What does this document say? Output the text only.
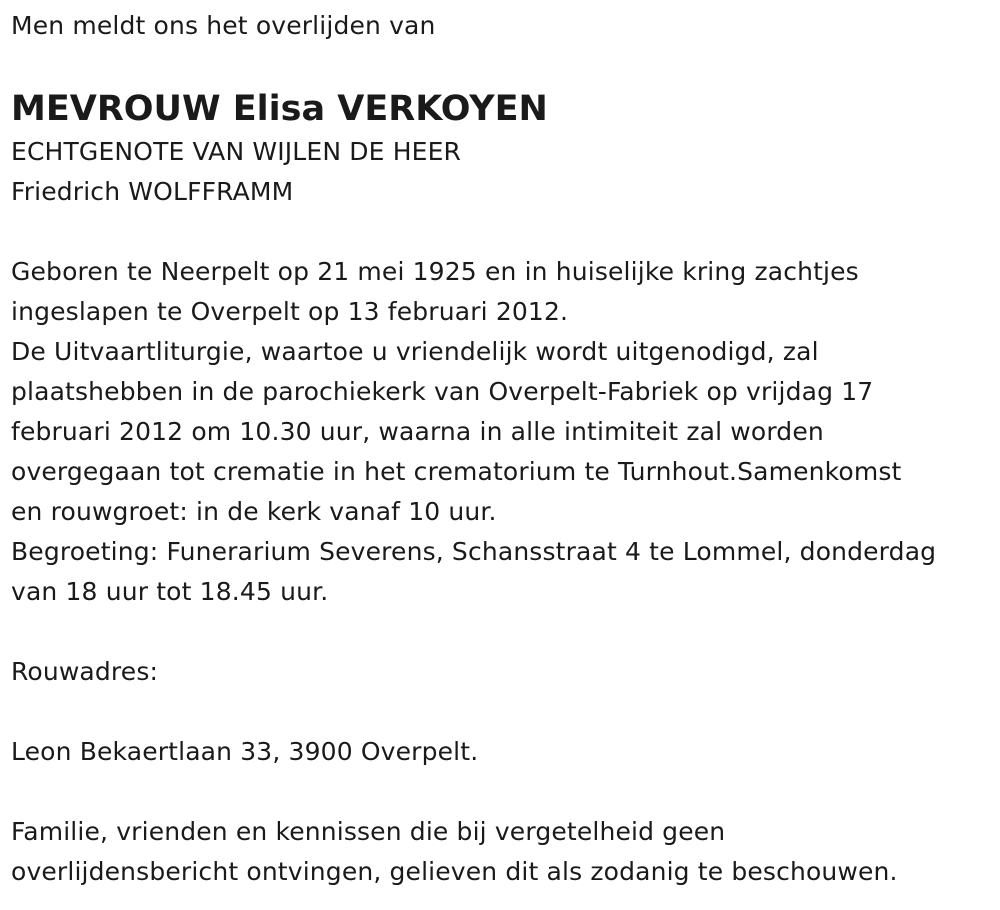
Men meldt ons het overlijden van
MEVROUW Elisa VERKOYEN
ECHTGENOTE VAN WIJLEN DE HEER
Friedrich WOLFFRAMM
Geboren te Neerpelt op 21 mei 1925 en in huiselijke kring zachtjes
ingeslapen te Overpelt op 13 februari 2012.
De Uitvaartliturgie, waartoe u vriendelijk wordt uitgenodigd, zal
plaatshebben in de parochiekerk van Overpelt-Fabriek op vrijdag 17
februari 2012 om 10.30 uur, waarna in alle intimiteit zal worden
overgegaan tot crematie in het crematorium te Turnhout.Samenkomst
en rouwgroet: in de kerk vanaf 10 uur.
Begroeting: Funerarium Severens, Schansstraat 4 te Lommel, donderdag
van 18 uur tot 18.45 uur.
Rouwadres:
Leon Bekaertlaan 33, 3900 Overpelt.
Familie, vrienden en kennissen die bij vergetelheid geen
overlijdensbericht ontvingen, gelieven dit als zodanig te beschouwen.
